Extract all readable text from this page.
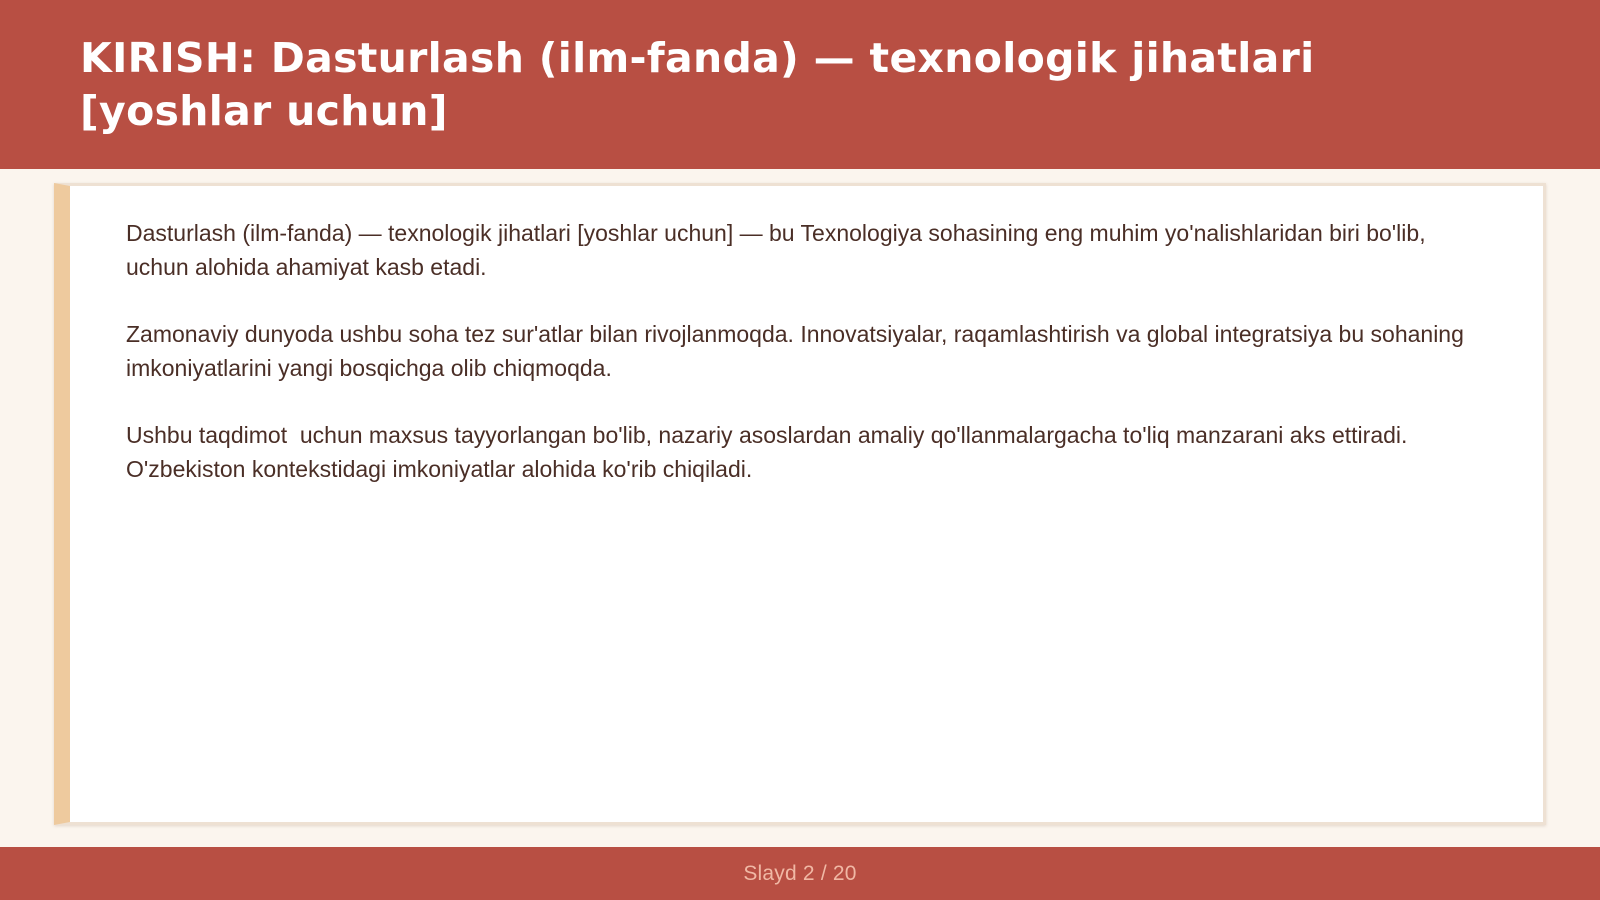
KIRISH: Dasturlash (ilm-fanda) — texnologik jihatlari [yoshlar uchun]

Dasturlash (ilm-fanda) — texnologik jihatlari [yoshlar uchun] — bu Texnologiya sohasining eng muhim yo'nalishlaridan biri bo'lib,  uchun alohida ahamiyat kasb etadi.

Zamonaviy dunyoda ushbu soha tez sur'atlar bilan rivojlanmoqda. Innovatsiyalar, raqamlashtirish va global integratsiya bu sohaning imkoniyatlarini yangi bosqichga olib chiqmoqda.

Ushbu taqdimot  uchun maxsus tayyorlangan bo'lib, nazariy asoslardan amaliy qo'llanmalargacha to'liq manzarani aks ettiradi. O'zbekiston kontekstidagi imkoniyatlar alohida ko'rib chiqiladi.

Slayd 2 / 20
